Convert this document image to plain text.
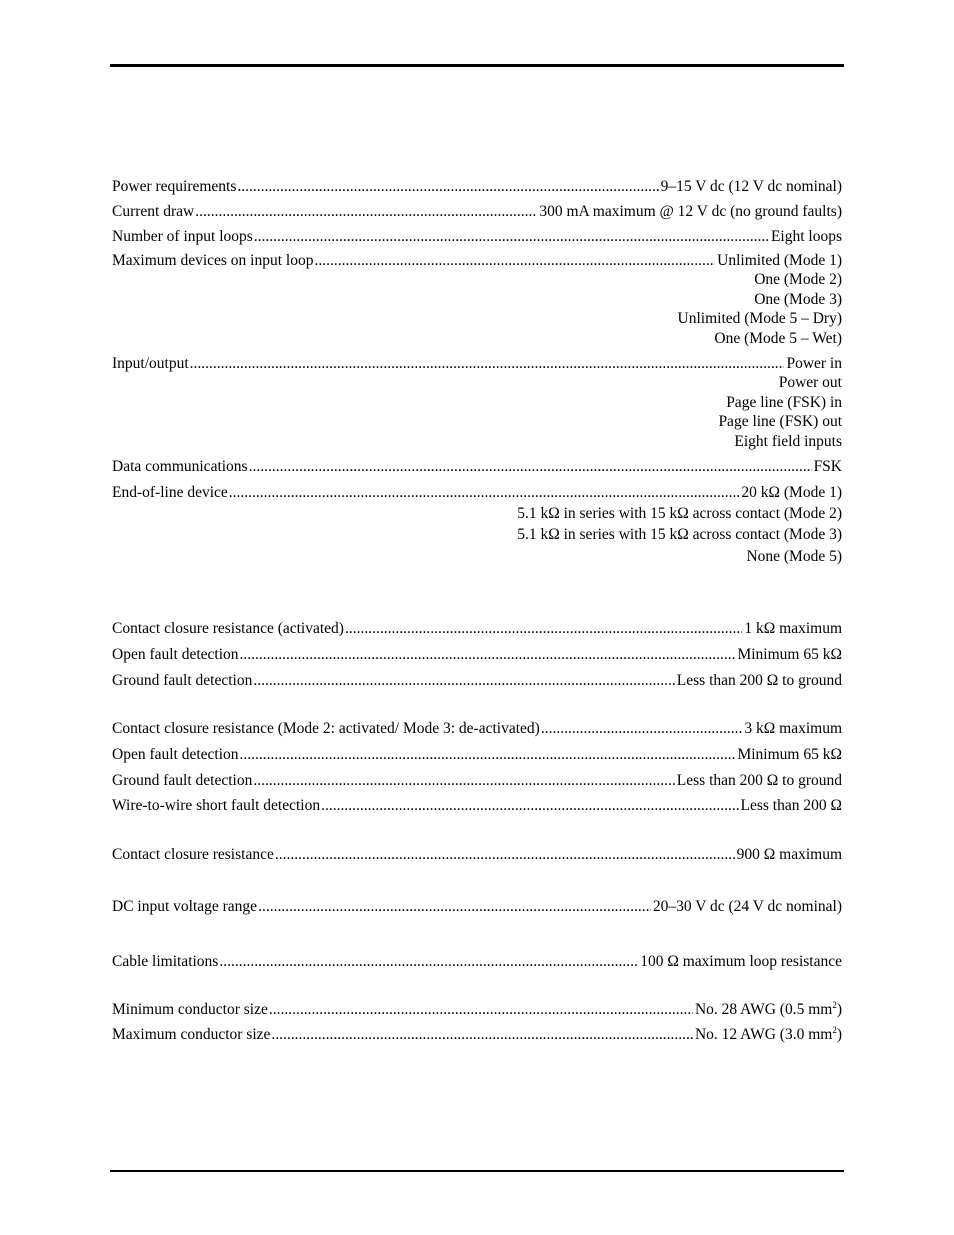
Power requirements .....	9–15 V dc (12 V dc nominal)
Current draw .....	300 mA maximum @ 12 V dc (no ground faults)
Number of input loops .....	Eight loops
Maximum devices on input loop .....	Unlimited (Mode 1)
One (Mode 2)
One (Mode 3)
Unlimited (Mode 5 – Dry)
One (Mode 5 – Wet)
Input/output .....	Power in
Power out
Page line (FSK) in
Page line (FSK) out
Eight field inputs
Data communications .....	FSK
End-of-line device .....	20 kΩ (Mode 1)
5.1 kΩ in series with 15 kΩ across contact (Mode 2)
5.1 kΩ in series with 15 kΩ across contact (Mode 3)
None (Mode 5)
Contact closure resistance (activated) .....	1 kΩ maximum
Open fault detection .....	Minimum 65 kΩ
Ground fault detection .....	Less than 200 Ω to ground
Contact closure resistance (Mode 2: activated/ Mode 3: de-activated) .....	3 kΩ maximum
Open fault detection .....	Minimum 65 kΩ
Ground fault detection .....	Less than 200 Ω to ground
Wire-to-wire short fault detection .....	Less than 200 Ω
Contact closure resistance .....	900 Ω maximum
DC input voltage range .....	20–30 V dc (24 V dc nominal)
Cable limitations .....	100 Ω maximum loop resistance
Minimum conductor size .....	No. 28 AWG (0.5 $mm^2$)
Maximum conductor size .....	No. 12 AWG (3.0 $mm^2$)
